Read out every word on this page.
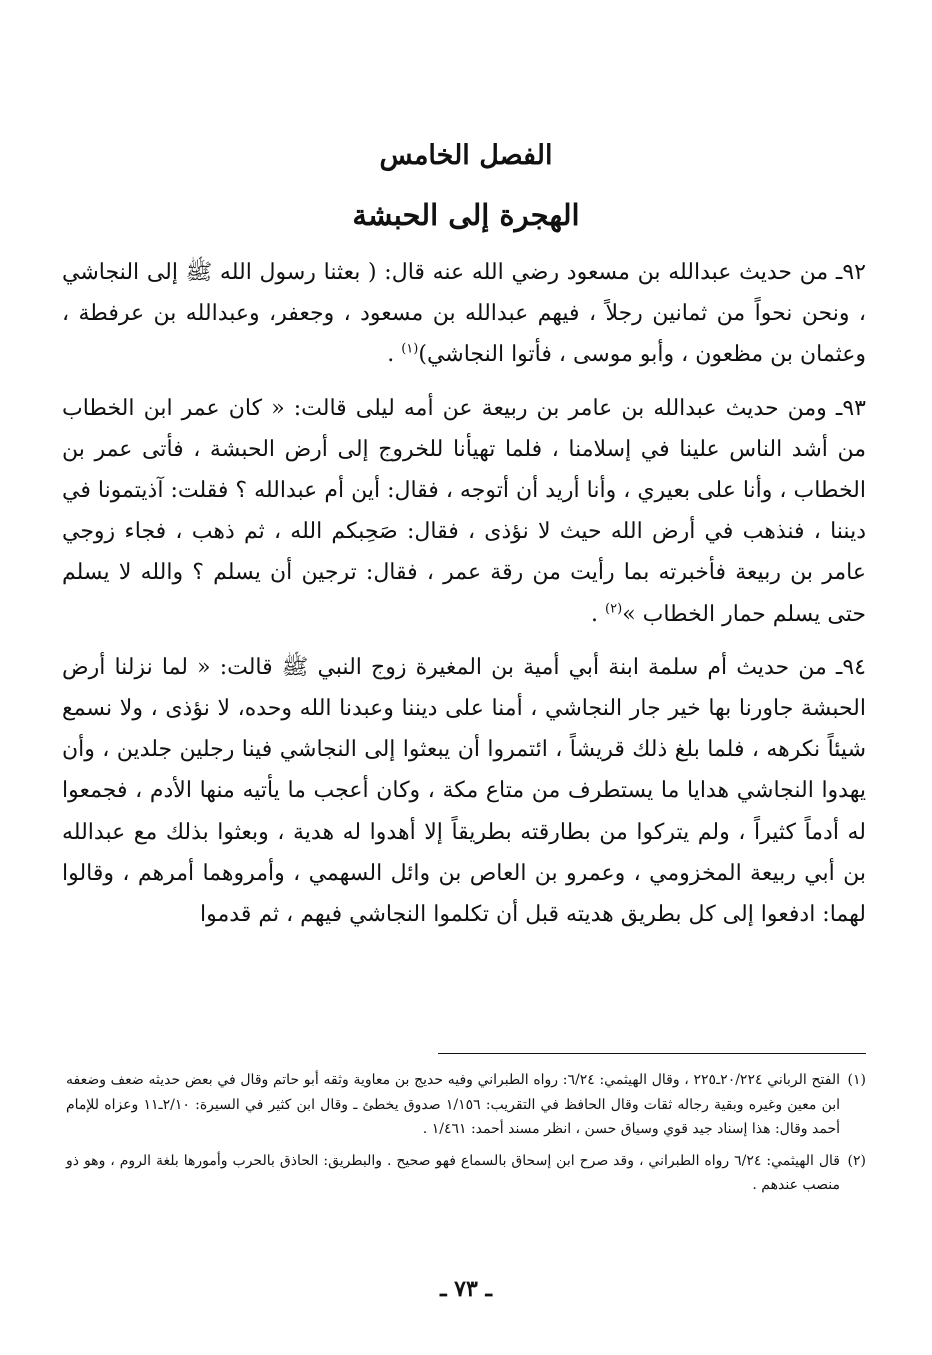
الفصل الخامس
الهجرة إلى الحبشة

٩٢ـ من حديث عبدالله بن مسعود رضي الله عنه قال: ( بعثنا رسول الله ﷺ إلى النجاشي ، ونحن نحواً من ثمانين رجلاً ، فيهم عبدالله بن مسعود ، وجعفر، وعبدالله بن عرفطة ، وعثمان بن مظعون ، وأبو موسى ، فأتوا النجاشي)$^{(١)}$ .

٩٣ـ ومن حديث عبدالله بن عامر بن ربيعة عن أمه ليلى قالت: « كان عمر ابن الخطاب من أشد الناس علينا في إسلامنا ، فلما تهيأنا للخروج إلى أرض الحبشة ، فأتى عمر بن الخطاب ، وأنا على بعيري ، وأنا أريد أن أتوجه ، فقال: أين أم عبدالله ؟ فقلت: آذيتمونا في ديننا ، فنذهب في أرض الله حيث لا نؤذى ، فقال: صَحِبكم الله ، ثم ذهب ، فجاء زوجي عامر بن ربيعة فأخبرته بما رأيت من رقة عمر ، فقال: ترجين أن يسلم ؟ والله لا يسلم حتى يسلم حمار الخطاب »$^{(٢)}$ .

٩٤ـ من حديث أم سلمة ابنة أبي أمية بن المغيرة زوج النبي ﷺ قالت: « لما نزلنا أرض الحبشة جاورنا بها خير جار النجاشي ، أمنا على ديننا وعبدنا الله وحده، لا نؤذى ، ولا نسمع شيئاً نكرهه ، فلما بلغ ذلك قريشاً ، ائتمروا أن يبعثوا إلى النجاشي فينا رجلين جلدين ، وأن يهدوا النجاشي هدايا ما يستطرف من متاع مكة ، وكان أعجب ما يأتيه منها الأدم ، فجمعوا له أدماً كثيراً ، ولم يتركوا من بطارقته بطريقاً إلا أهدوا له هدية ، وبعثوا بذلك مع عبدالله بن أبي ربيعة المخزومي ، وعمرو بن العاص بن وائل السهمي ، وأمروهما أمرهم ، وقالوا لهما: ادفعوا إلى كل بطريق هديته قبل أن تكلموا النجاشي فيهم ، ثم قدموا

(١)
الفتح الرباني ٢٠/٢٢٤ـ٢٢٥ ، وقال الهيثمي: ٦/٢٤: رواه الطبراني وفيه حديج بن معاوية وثقه أبو حاتم وقال في بعض حديثه ضعف وضعفه ابن معين وغيره وبقية رجاله ثقات وقال الحافظ في التقريب: ١/١٥٦ صدوق يخطئ ـ وقال ابن كثير في السيرة: ٢/١٠ـ١١ وعزاه للإمام أحمد وقال: هذا إسناد جيد قوي وسياق حسن ، انظر مسند أحمد: ١/٤٦١ .

(٢)
قال الهيثمي: ٦/٢٤ رواه الطبراني ، وقد صرح ابن إسحاق بالسماع فهو صحيح . والبطريق: الحاذق بالحرب وأمورها بلغة الروم ، وهو ذو منصب عندهم .

ـ ٧٣ ـ
